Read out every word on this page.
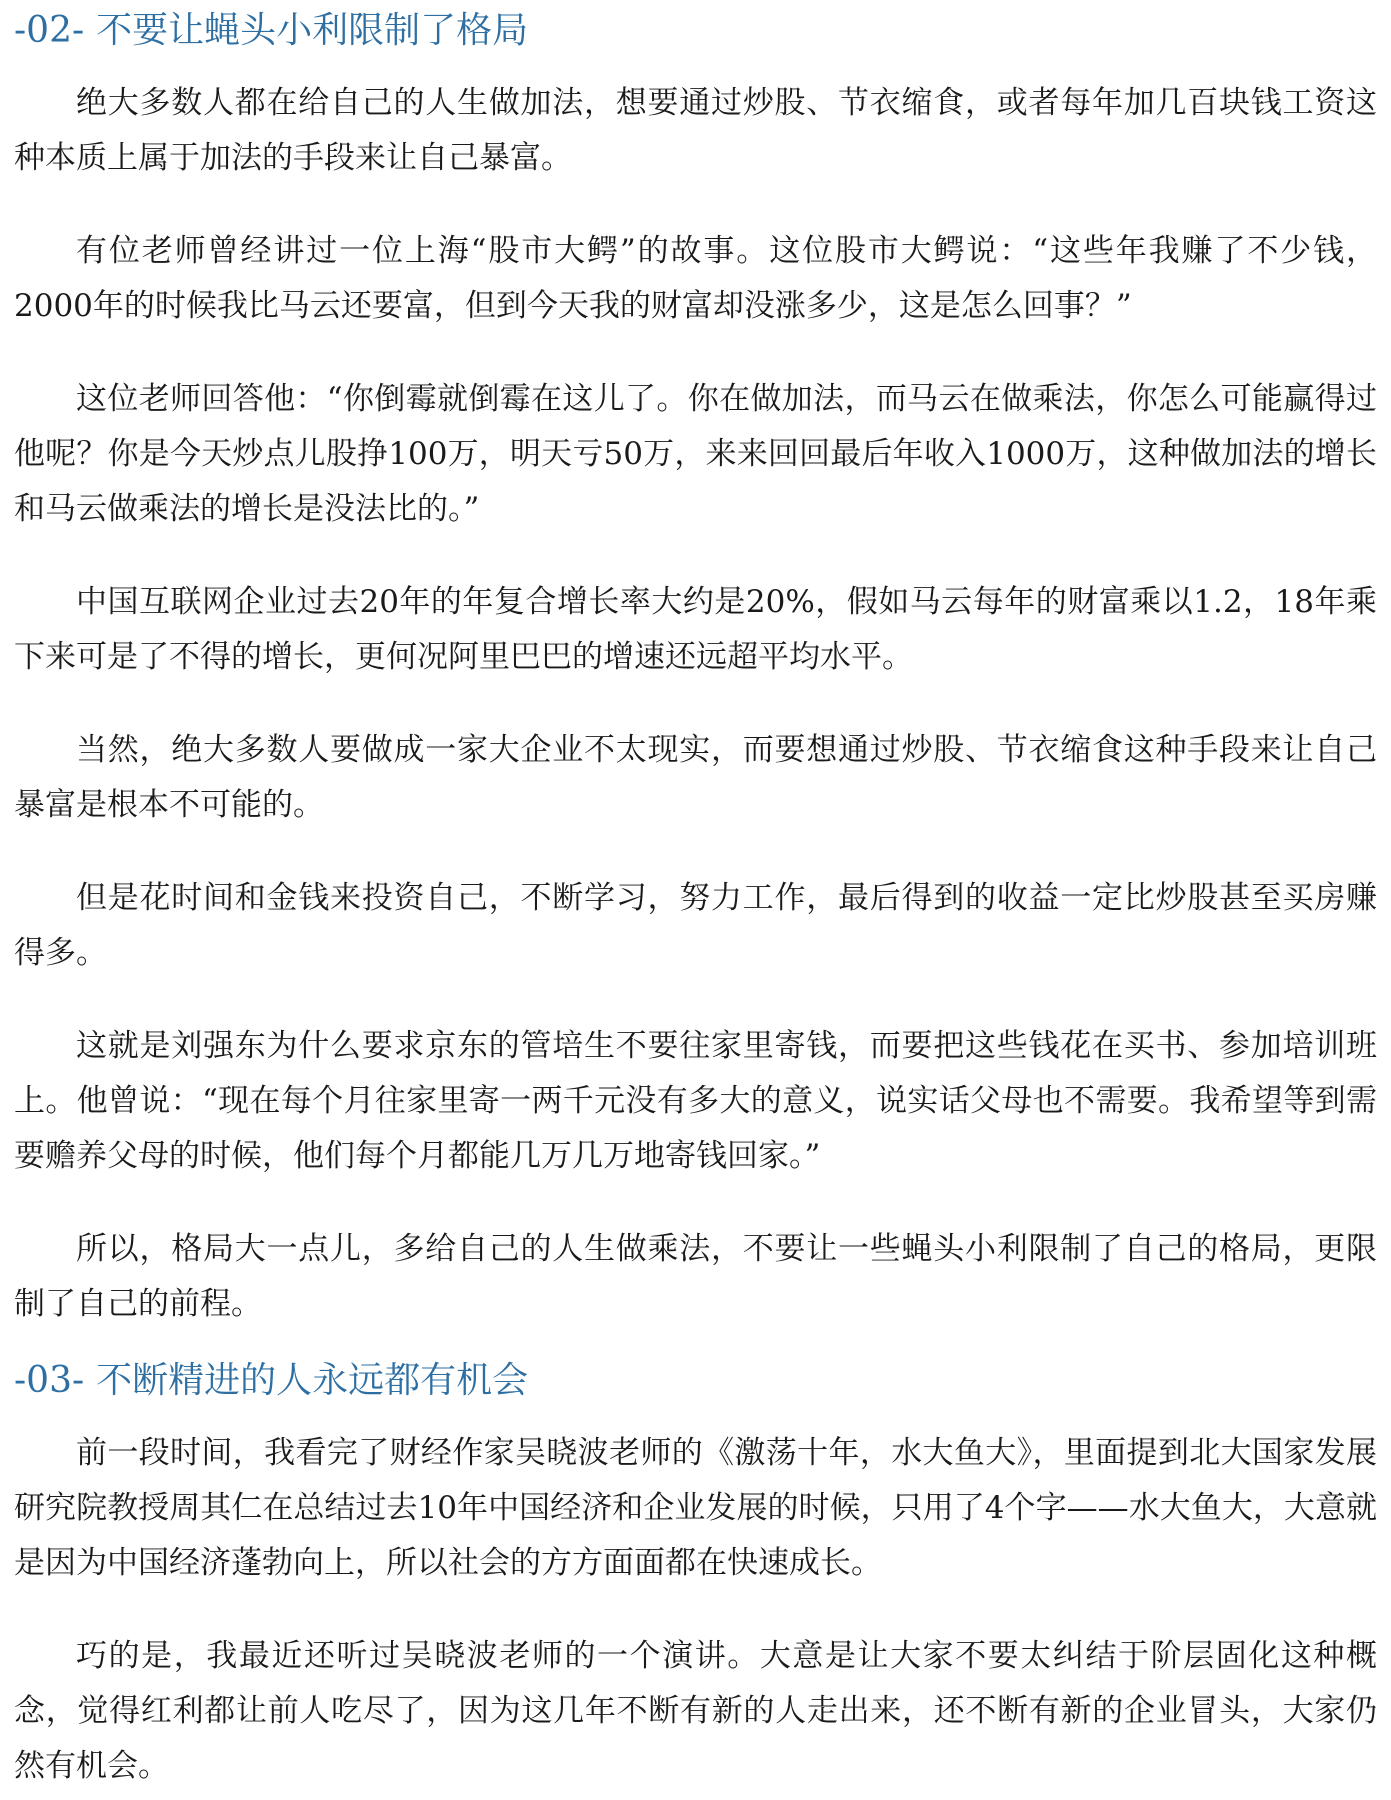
-02- 不要让蝇头小利限制了格局

绝大多数人都在给自己的人生做加法，想要通过炒股、节衣缩食，或者每年加几百块钱工资这种本质上属于加法的手段来让自己暴富。

有位老师曾经讲过一位上海“股市大鳄”的故事。这位股市大鳄说：“这些年我赚了不少钱，2000年的时候我比马云还要富，但到今天我的财富却没涨多少，这是怎么回事？”

这位老师回答他：“你倒霉就倒霉在这儿了。你在做加法，而马云在做乘法，你怎么可能赢得过他呢？你是今天炒点儿股挣100万，明天亏50万，来来回回最后年收入1000万，这种做加法的增长和马云做乘法的增长是没法比的。”

中国互联网企业过去20年的年复合增长率大约是20%，假如马云每年的财富乘以1.2，18年乘下来可是了不得的增长，更何况阿里巴巴的增速还远超平均水平。

当然，绝大多数人要做成一家大企业不太现实，而要想通过炒股、节衣缩食这种手段来让自己暴富是根本不可能的。

但是花时间和金钱来投资自己，不断学习，努力工作，最后得到的收益一定比炒股甚至买房赚得多。

这就是刘强东为什么要求京东的管培生不要往家里寄钱，而要把这些钱花在买书、参加培训班上。他曾说：“现在每个月往家里寄一两千元没有多大的意义，说实话父母也不需要。我希望等到需要赡养父母的时候，他们每个月都能几万几万地寄钱回家。”

所以，格局大一点儿，多给自己的人生做乘法，不要让一些蝇头小利限制了自己的格局，更限制了自己的前程。

-03- 不断精进的人永远都有机会

前一段时间，我看完了财经作家吴晓波老师的《激荡十年，水大鱼大》，里面提到北大国家发展研究院教授周其仁在总结过去10年中国经济和企业发展的时候，只用了4个字——水大鱼大，大意就是因为中国经济蓬勃向上，所以社会的方方面面都在快速成长。

巧的是，我最近还听过吴晓波老师的一个演讲。大意是让大家不要太纠结于阶层固化这种概念，觉得红利都让前人吃尽了，因为这几年不断有新的人走出来，还不断有新的企业冒头，大家仍然有机会。
